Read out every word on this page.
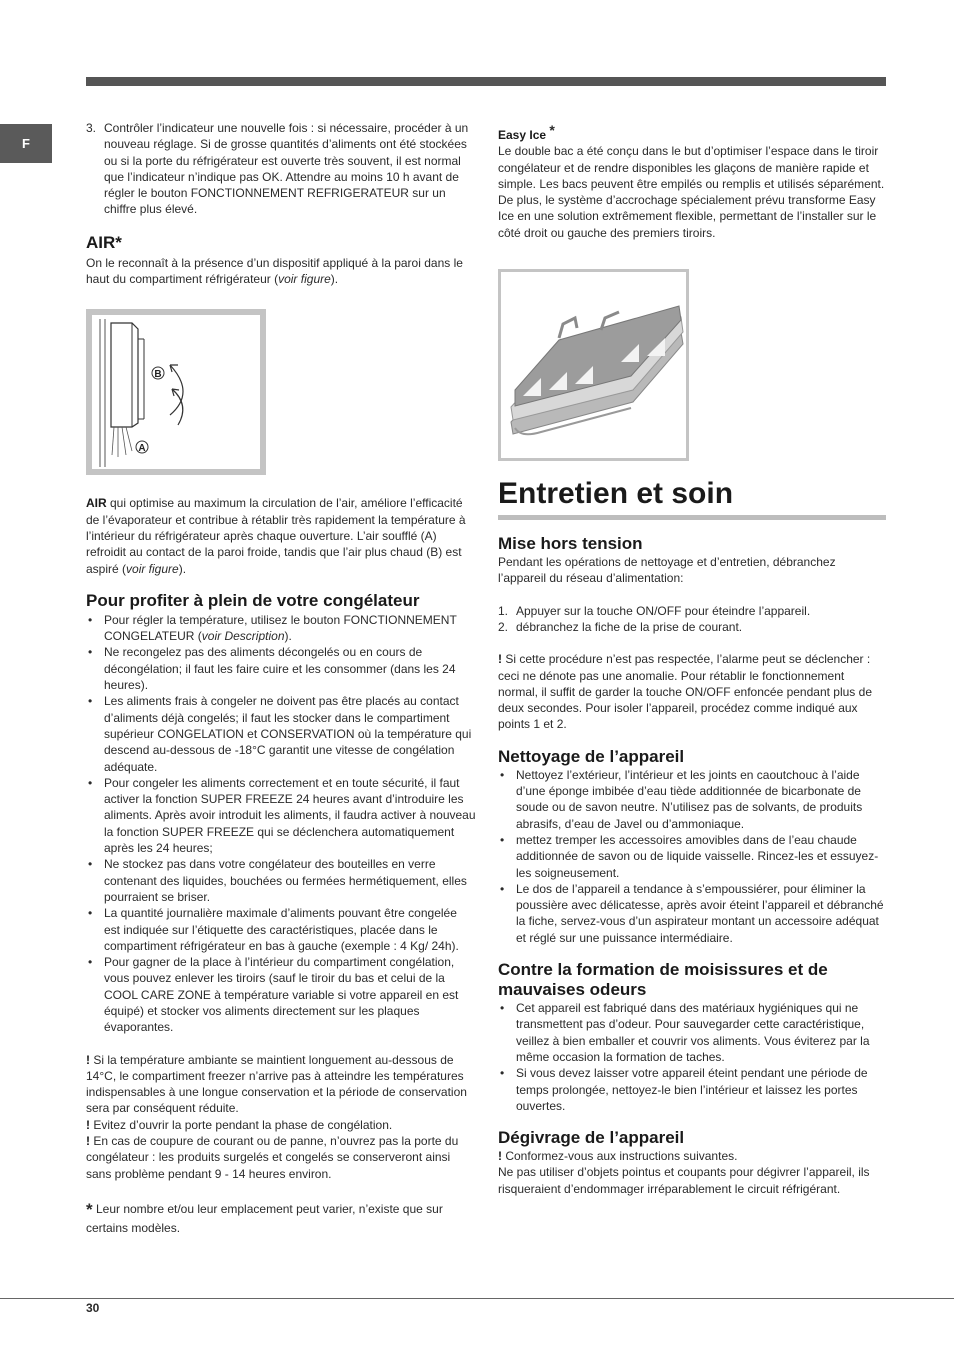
F
3. Contrôler l’indicateur une nouvelle fois : si nécessaire, procéder à un nouveau réglage. Si de grosse quantités d’aliments ont été stockées ou si la porte du réfrigérateur est ouverte très souvent, il est normal que l’indicateur n’indique pas OK. Attendre au moins 10 h avant de régler le bouton FONCTIONNEMENT REFRIGERATEUR sur un chiffre plus élevé.
AIR*

On le reconnaît à la présence d’un dispositif appliqué à la paroi dans le haut du compartiment réfrigérateur (voir figure).

B
A

AIR qui optimise au maximum la circulation de l’air, améliore l’efficacité de l’évaporateur et contribue à rétablir très rapidement la température à l’intérieur du réfrigérateur après chaque ouverture. L’air soufflé (A) refroidit au contact de la paroi froide, tandis que l’air plus chaud (B) est aspiré (voir figure).

Pour profiter à plein de votre congélateur
• Pour régler la température, utilisez le bouton FONCTIONNEMENT CONGELATEUR (voir Description).
• Ne recongelez pas des aliments décongelés ou en cours de décongélation; il faut les faire cuire et les consommer (dans les 24 heures).
• Les aliments frais à congeler ne doivent pas être placés au contact d’aliments déjà congelés; il faut les stocker dans le compartiment supérieur CONGELATION et CONSERVATION où la température qui descend au-dessous de -18°C garantit une vitesse de congélation adéquate.
• Pour congeler les aliments correctement et en toute sécurité, il faut activer la fonction SUPER FREEZE 24 heures avant d’introduire les aliments. Après avoir introduit les aliments, il faudra activer à nouveau la fonction SUPER FREEZE qui se déclenchera automatiquement après les 24 heures;
• Ne stockez pas dans votre congélateur des bouteilles en verre contenant des liquides, bouchées ou fermées hermétiquement, elles pourraient se briser.
• La quantité journalière maximale d’aliments pouvant être congelée est indiquée sur l’étiquette des caractéristiques, placée dans le compartiment réfrigérateur en bas à gauche (exemple : 4 Kg/ 24h).
• Pour gagner de la place à l’intérieur du compartiment congélation, vous pouvez enlever les tiroirs (sauf le tiroir du bas et celui de la COOL CARE ZONE à température variable si votre appareil en est équipé) et stocker vos aliments directement sur les plaques évaporantes.

! Si la température ambiante se maintient longuement au-dessous de 14°C, le compartiment freezer n’arrive pas à atteindre les températures indispensables à une longue conservation et la période de conservation sera par conséquent réduite.

! Evitez d’ouvrir la porte pendant la phase de congélation.

! En cas de coupure de courant ou de panne, n’ouvrez pas la porte du congélateur : les produits surgelés et congelés se conserveront ainsi sans problème pendant 9 - 14 heures environ.

* Leur nombre et/ou leur emplacement peut varier, n’existe que sur certains modèles.

Easy Ice *

Le double bac a été conçu dans le but d’optimiser l’espace dans le tiroir congélateur et de rendre disponibles les glaçons de manière rapide et simple. Les bacs peuvent être empilés ou remplis et utilisés séparément.

De plus, le système d’accrochage spécialement prévu transforme Easy Ice en une solution extrêmement flexible, permettant de l’installer sur le côté droit ou gauche des premiers tiroirs.

Entretien et soin
Mise hors tension

Pendant les opérations de nettoyage et d’entretien, débranchez l’appareil du réseau d’alimentation:

1. Appuyer sur la touche ON/OFF pour éteindre l’appareil.
2. débranchez la fiche de la prise de courant.

! Si cette procédure n’est pas respectée, l’alarme peut se déclencher : ceci ne dénote pas une anomalie. Pour rétablir le fonctionnement normal, il suffit de garder la touche ON/OFF enfoncée pendant plus de deux secondes. Pour isoler l’appareil, procédez comme indiqué aux points 1 et 2.

Nettoyage de l’appareil
• Nettoyez l’extérieur, l’intérieur et les joints en caoutchouc à l’aide d’une éponge imbibée d’eau tiède additionnée de bicarbonate de soude ou de savon neutre. N’utilisez pas de solvants, de produits abrasifs, d’eau de Javel ou d’ammoniaque.
• mettez tremper les accessoires amovibles dans de l’eau chaude additionnée de savon ou de liquide vaisselle. Rincez-les et essuyez-les soigneusement.
• Le dos de l’appareil a tendance à s’empoussiérer, pour éliminer la poussière avec délicatesse, après avoir éteint l’appareil et débranché la fiche, servez-vous d’un aspirateur montant un accessoire adéquat et réglé sur une puissance intermédiaire.
Contre la formation de moisissures et de mauvaises odeurs
• Cet appareil est fabriqué dans des matériaux hygiéniques qui ne transmettent pas d’odeur. Pour sauvegarder cette caractéristique, veillez à bien emballer et couvrir vos aliments. Vous éviterez par la même occasion la formation de taches.
• Si vous devez laisser votre appareil éteint pendant une période de temps prolongée, nettoyez-le bien l’intérieur et laissez les portes ouvertes.
Dégivrage de l’appareil

! Conformez-vous aux instructions suivantes.

Ne pas utiliser d’objets pointus et coupants pour dégivrer l’appareil, ils risqueraient d’endommager irréparablement le circuit réfrigérant.

30
